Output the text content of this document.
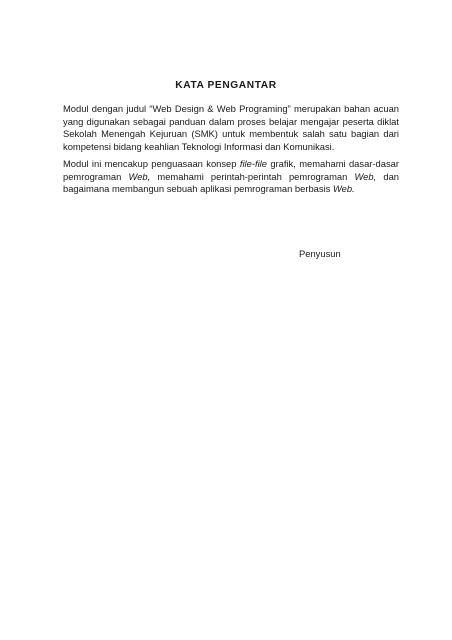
KATA PENGANTAR

Modul dengan judul “Web Design & Web Programing” merupakan bahan acuan yang digunakan sebagai panduan dalam proses belajar mengajar peserta diklat Sekolah Menengah Kejuruan (SMK) untuk membentuk salah satu bagian dari kompetensi bidang keahlian Teknologi Informasi dan Komunikasi.

Modul ini mencakup penguasaan konsep file-file grafik, memahami dasar-dasar pemrograman Web, memahami perintah-perintah pemrograman Web, dan bagaimana membangun sebuah aplikasi pemrograman berbasis Web.

Penyusun
